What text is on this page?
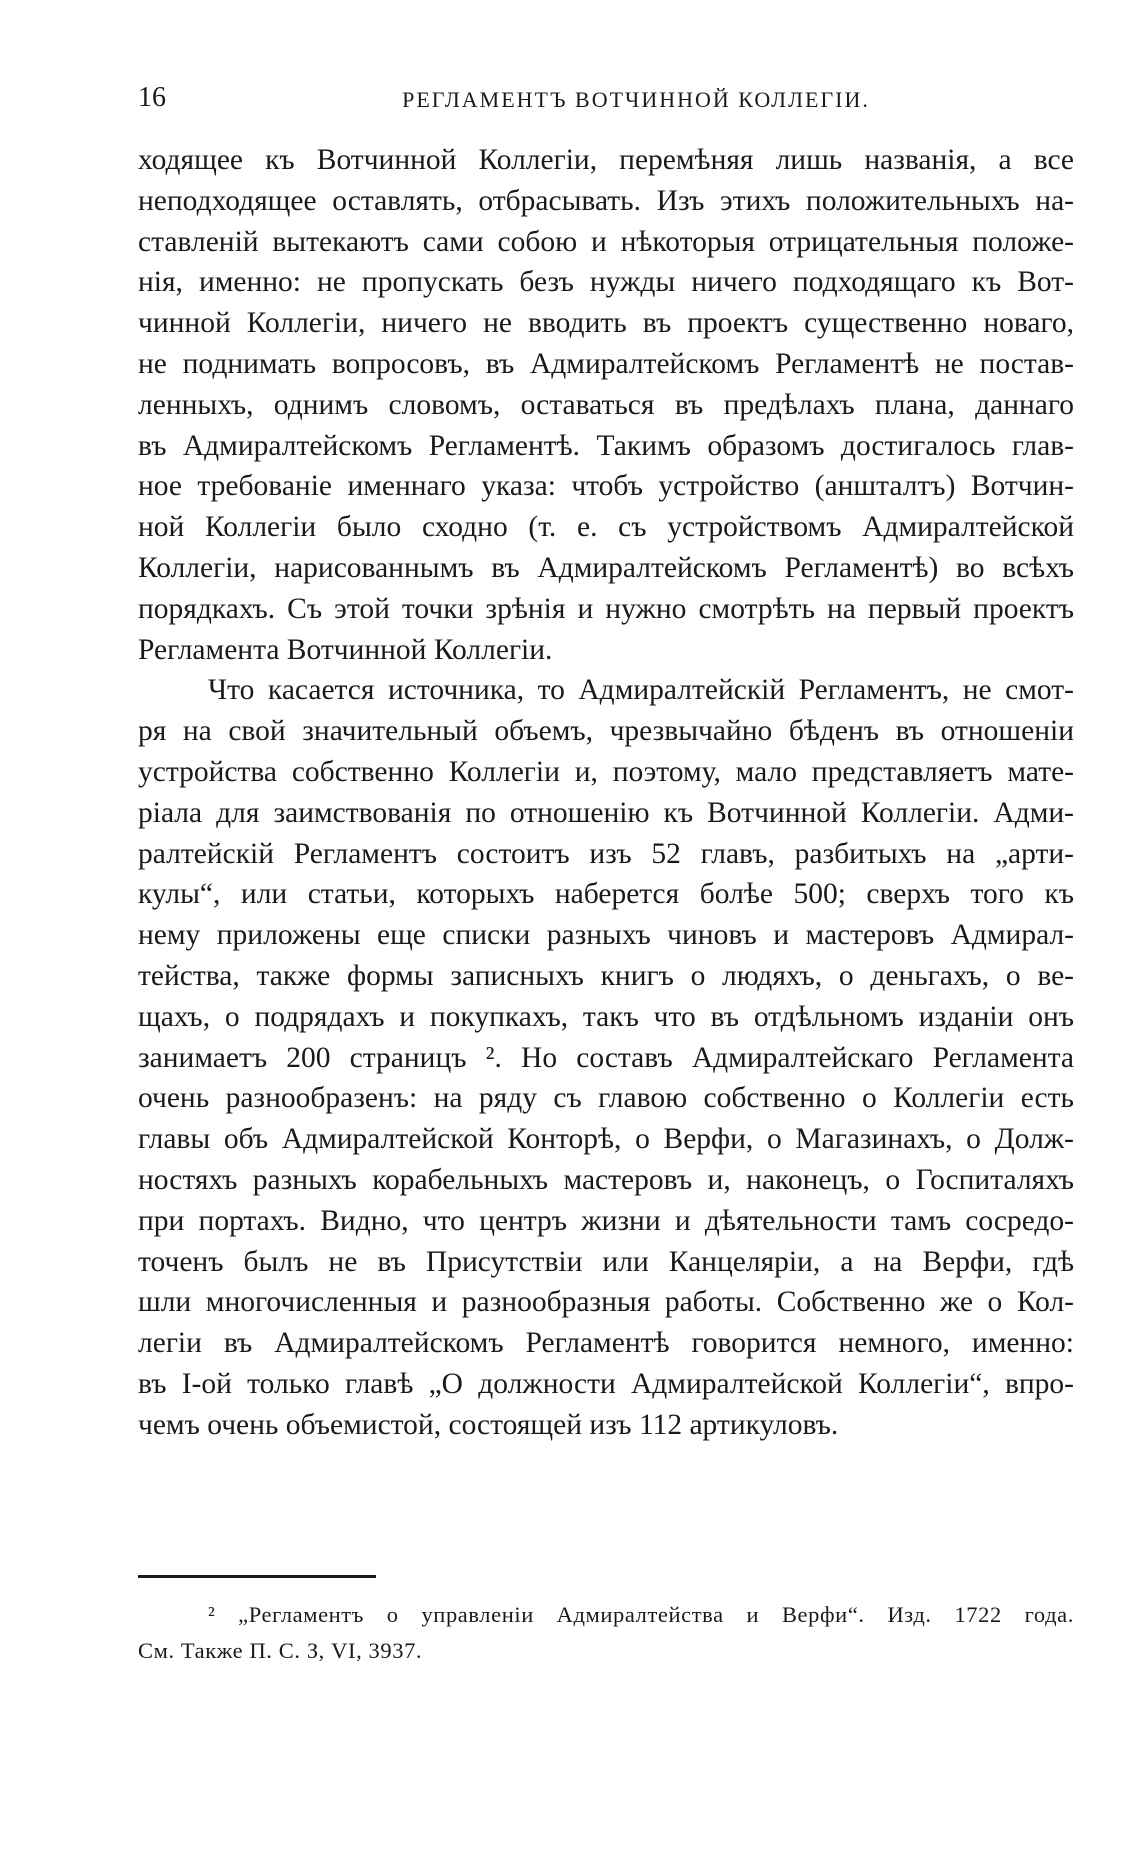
16	РЕГЛАМЕНТЪ ВОТЧИННОЙ КОЛЛЕГIИ.

ходящее къ Вотчинной Коллегіи, перемѣняя лишь названія, а все
неподходящее оставлять, отбрасывать. Изъ этихъ положительныхъ на-
ставленій вытекаютъ сами собою и нѣкоторыя отрицательныя положе-
нія, именно: не пропускать безъ нужды ничего подходящаго къ Вот-
чинной Коллегіи, ничего не вводить въ проектъ существенно новаго,
не поднимать вопросовъ, въ Адмиралтейскомъ Регламентѣ не постав-
ленныхъ, однимъ словомъ, оставаться въ предѣлахъ плана, даннаго
въ Адмиралтейскомъ Регламентѣ. Такимъ образомъ достигалось глав-
ное требованіе именнаго указа: чтобъ устройство (аншталтъ) Вотчин-
ной Коллегіи было сходно (т. е. съ устройствомъ Адмиралтейской
Коллегіи, нарисованнымъ въ Адмиралтейскомъ Регламентѣ) во всѣхъ
порядкахъ. Съ этой точки зрѣнія и нужно смотрѣть на первый проектъ
Регламента Вотчинной Коллегіи.

Что касается источника, то Адмиралтейскій Регламентъ, не смот-
ря на свой значительный объемъ, чрезвычайно бѣденъ въ отношеніи
устройства собственно Коллегіи и, поэтому, мало представляетъ мате-
ріала для заимствованія по отношенію къ Вотчинной Коллегіи. Адми-
ралтейскій Регламентъ состоитъ изъ 52 главъ, разбитыхъ на „арти-
кулы“, или статьи, которыхъ наберется болѣе 500; сверхъ того къ
нему приложены еще списки разныхъ чиновъ и мастеровъ Адмирал-
тейства, также формы записныхъ книгъ о людяхъ, о деньгахъ, о ве-
щахъ, о подрядахъ и покупкахъ, такъ что въ отдѣльномъ изданіи онъ
занимаетъ 200 страницъ ². Но составъ Адмиралтейскаго Регламента
очень разнообразенъ: на ряду съ главою собственно о Коллегіи есть
главы объ Адмиралтейской Конторѣ, о Верфи, о Магазинахъ, о Долж-
ностяхъ разныхъ корабельныхъ мастеровъ и, наконецъ, о Госпиталяхъ
при портахъ. Видно, что центръ жизни и дѣятельности тамъ сосредо-
точенъ былъ не въ Присутствіи или Канцеляріи, а на Верфи, гдѣ
шли многочисленныя и разнообразныя работы. Собственно же о Кол-
легіи въ Адмиралтейскомъ Регламентѣ говорится немного, именно:
въ I-ой только главѣ „О должности Адмиралтейской Коллегіи“, впро-
чемъ очень объемистой, состоящей изъ 112 артикуловъ.

² „Регламентъ о управленіи Адмиралтейства и Верфи“. Изд. 1722 года.
См. Также П. С. З, VI, 3937.
